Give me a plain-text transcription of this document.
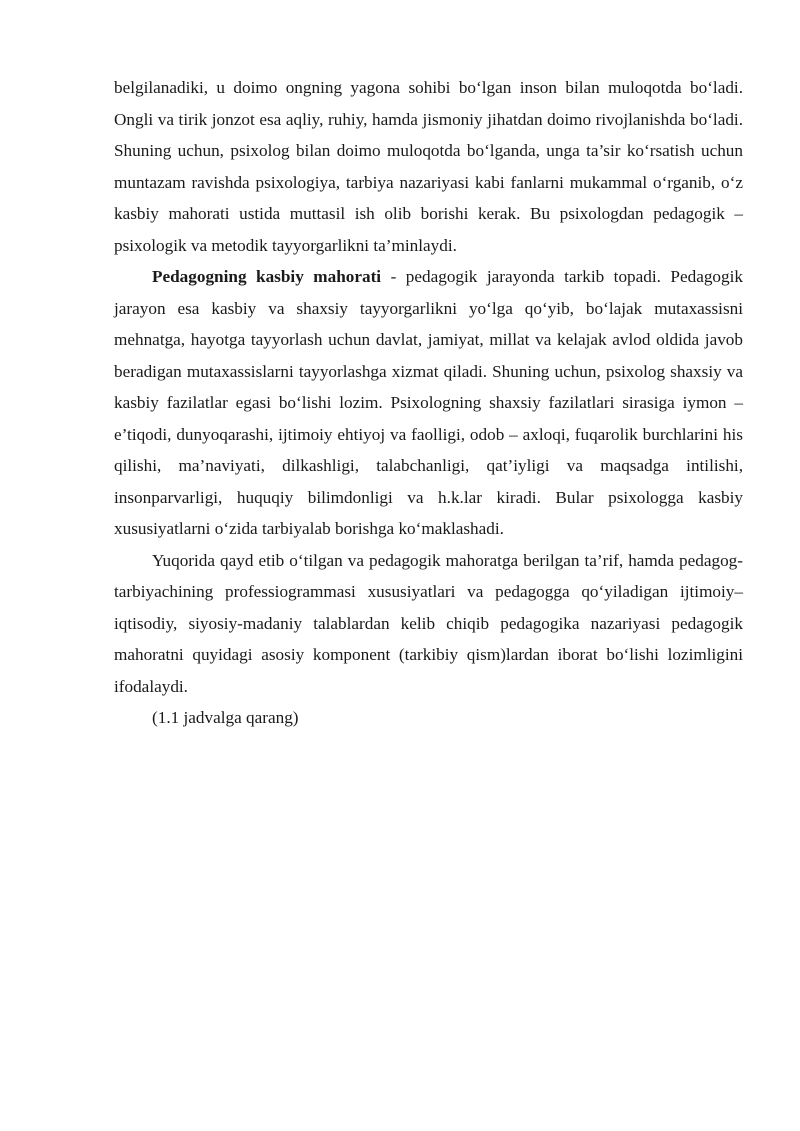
belgilanadiki, u doimo ongning yagona sohibi bo‘lgan inson bilan muloqotda bo‘ladi. Ongli va tirik jonzot esa aqliy, ruhiy, hamda jismoniy jihatdan doimo rivojlanishda bo‘ladi. Shuning uchun, psixolog bilan doimo muloqotda bo‘lganda, unga ta’sir ko‘rsatish uchun muntazam ravishda psixologiya, tarbiya nazariyasi kabi fanlarni mukammal o‘rganib, o‘z kasbiy mahorati ustida muttasil ish olib borishi kerak. Bu psixologdan pedagogik – psixologik va metodik tayyorgarlikni ta’minlaydi.

Pedagogning kasbiy mahorati - pedagogik jarayonda tarkib topadi. Pedagogik jarayon esa kasbiy va shaxsiy tayyorgarlikni yo‘lga qo‘yib, bo‘lajak mutaxassisni mehnatga, hayotga tayyorlash uchun davlat, jamiyat, millat va kelajak avlod oldida javob beradigan mutaxassislarni tayyorlashga xizmat qiladi. Shuning uchun, psixolog shaxsiy va kasbiy fazilatlar egasi bo‘lishi lozim. Psixologning shaxsiy fazilatlari sirasiga iymon – e’tiqodi, dunyoqarashi, ijtimoiy ehtiyoj va faolligi, odob – axloqi, fuqarolik burchlarini his qilishi, ma’naviyati, dilkashligi, talabchanligi, qat’iyligi va maqsadga intilishi, insonparvarligi, huquqiy bilimdonligi va h.k.lar kiradi. Bular psixologga kasbiy xususiyatlarni o‘zida tarbiyalab borishga ko‘maklashadi.

Yuqorida qayd etib o‘tilgan va pedagogik mahoratga berilgan ta’rif, hamda pedagog-tarbiyachining professiogrammasi xususiyatlari va pedagogga qo‘yiladigan ijtimoiy–iqtisodiy, siyosiy-madaniy talablardan kelib chiqib pedagogika nazariyasi pedagogik mahoratni quyidagi asosiy komponent (tarkibiy qism)lardan iborat bo‘lishi lozimligini ifodalaydi.

(1.1 jadvalga qarang)
